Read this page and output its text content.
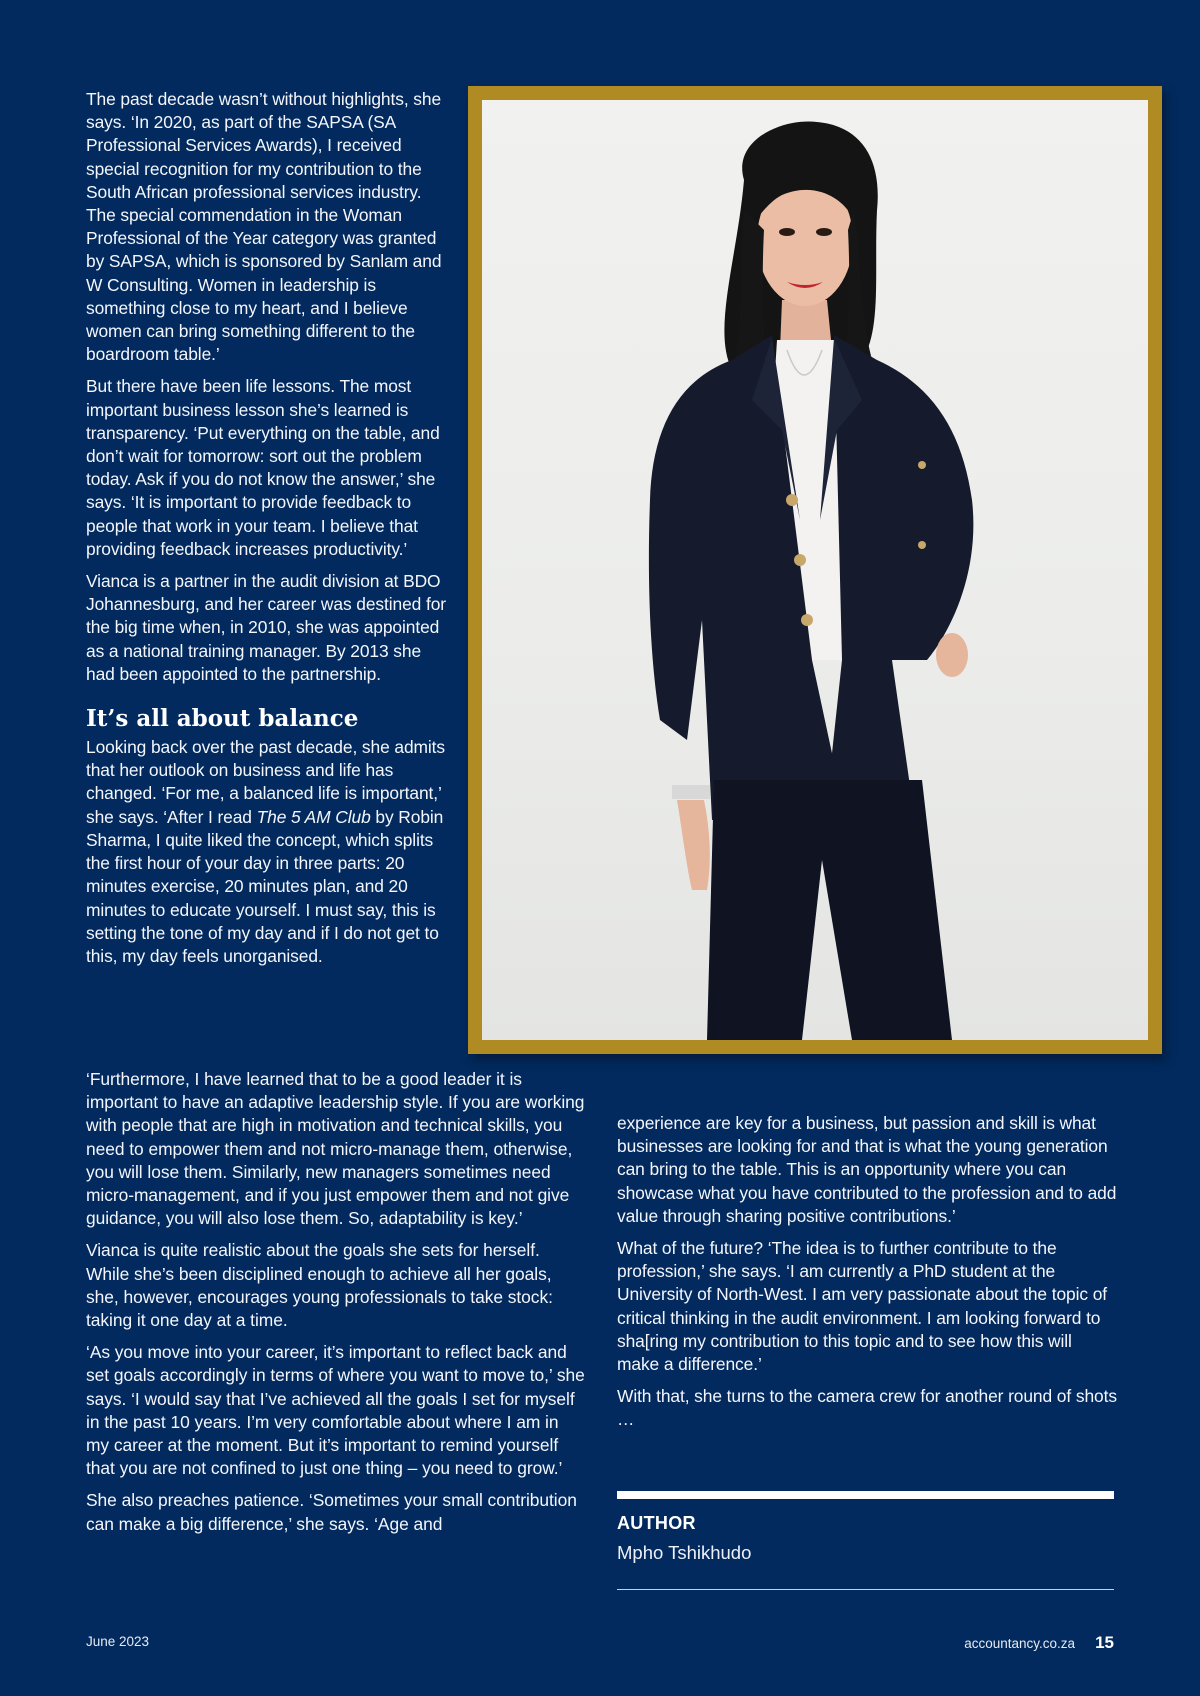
The past decade wasn’t without highlights, she says. ‘In 2020, as part of the SAPSA (SA Professional Services Awards), I received special recognition for my contribution to the South African professional services industry. The special commendation in the Woman Professional of the Year category was granted by SAPSA, which is sponsored by Sanlam and W Consulting. Women in leadership is something close to my heart, and I believe women can bring something different to the boardroom table.’

But there have been life lessons. The most important business lesson she’s learned is transparency. ‘Put everything on the table, and don’t wait for tomorrow: sort out the problem today. Ask if you do not know the answer,’ she says. ‘It is important to provide feedback to people that work in your team. I believe that providing feedback increases productivity.’

Vianca is a partner in the audit division at BDO Johannesburg, and her career was destined for the big time when, in 2010, she was appointed as a national training manager. By 2013 she had been appointed to the partnership.

It’s all about balance

Looking back over the past decade, she admits that her outlook on business and life has changed. ‘For me, a balanced life is important,’ she says. ‘After I read The 5 AM Club by Robin Sharma, I quite liked the concept, which splits the first hour of your day in three parts: 20 minutes exercise, 20 minutes plan, and 20 minutes to educate yourself. I must say, this is setting the tone of my day and if I do not get to this, my day feels unorganised.

‘Furthermore, I have learned that to be a good leader it is important to have an adaptive leadership style. If you are working with people that are high in motivation and technical skills, you need to empower them and not micro-manage them, otherwise, you will lose them. Similarly, new managers sometimes need micro-management, and if you just empower them and not give guidance, you will also lose them. So, adaptability is key.’

Vianca is quite realistic about the goals she sets for herself. While she’s been disciplined enough to achieve all her goals, she, however, encourages young professionals to take stock: taking it one day at a time.

‘As you move into your career, it’s important to reflect back and set goals accordingly in terms of where you want to move to,’ she says. ‘I would say that I’ve achieved all the goals I set for myself in the past 10 years. I’m very comfortable about where I am in my career at the moment. But it’s important to remind yourself that you are not confined to just one thing – you need to grow.’

She also preaches patience. ‘Sometimes your small contribution can make a big difference,’ she says. ‘Age and

experience are key for a business, but passion and skill is what businesses are looking for and that is what the young generation can bring to the table. This is an opportunity where you can showcase what you have contributed to the profession and to add value through sharing positive contributions.’

What of the future? ‘The idea is to further contribute to the profession,’ she says. ‘I am currently a PhD student at the University of North-West. I am very passionate about the topic of critical thinking in the audit environment. I am looking forward to sha[ring my contribution to this topic and to see how this will make a difference.’

With that, she turns to the camera crew for another round of shots …

AUTHOR
Mpho Tshikhudo
June 2023	accountancy.co.za 15
